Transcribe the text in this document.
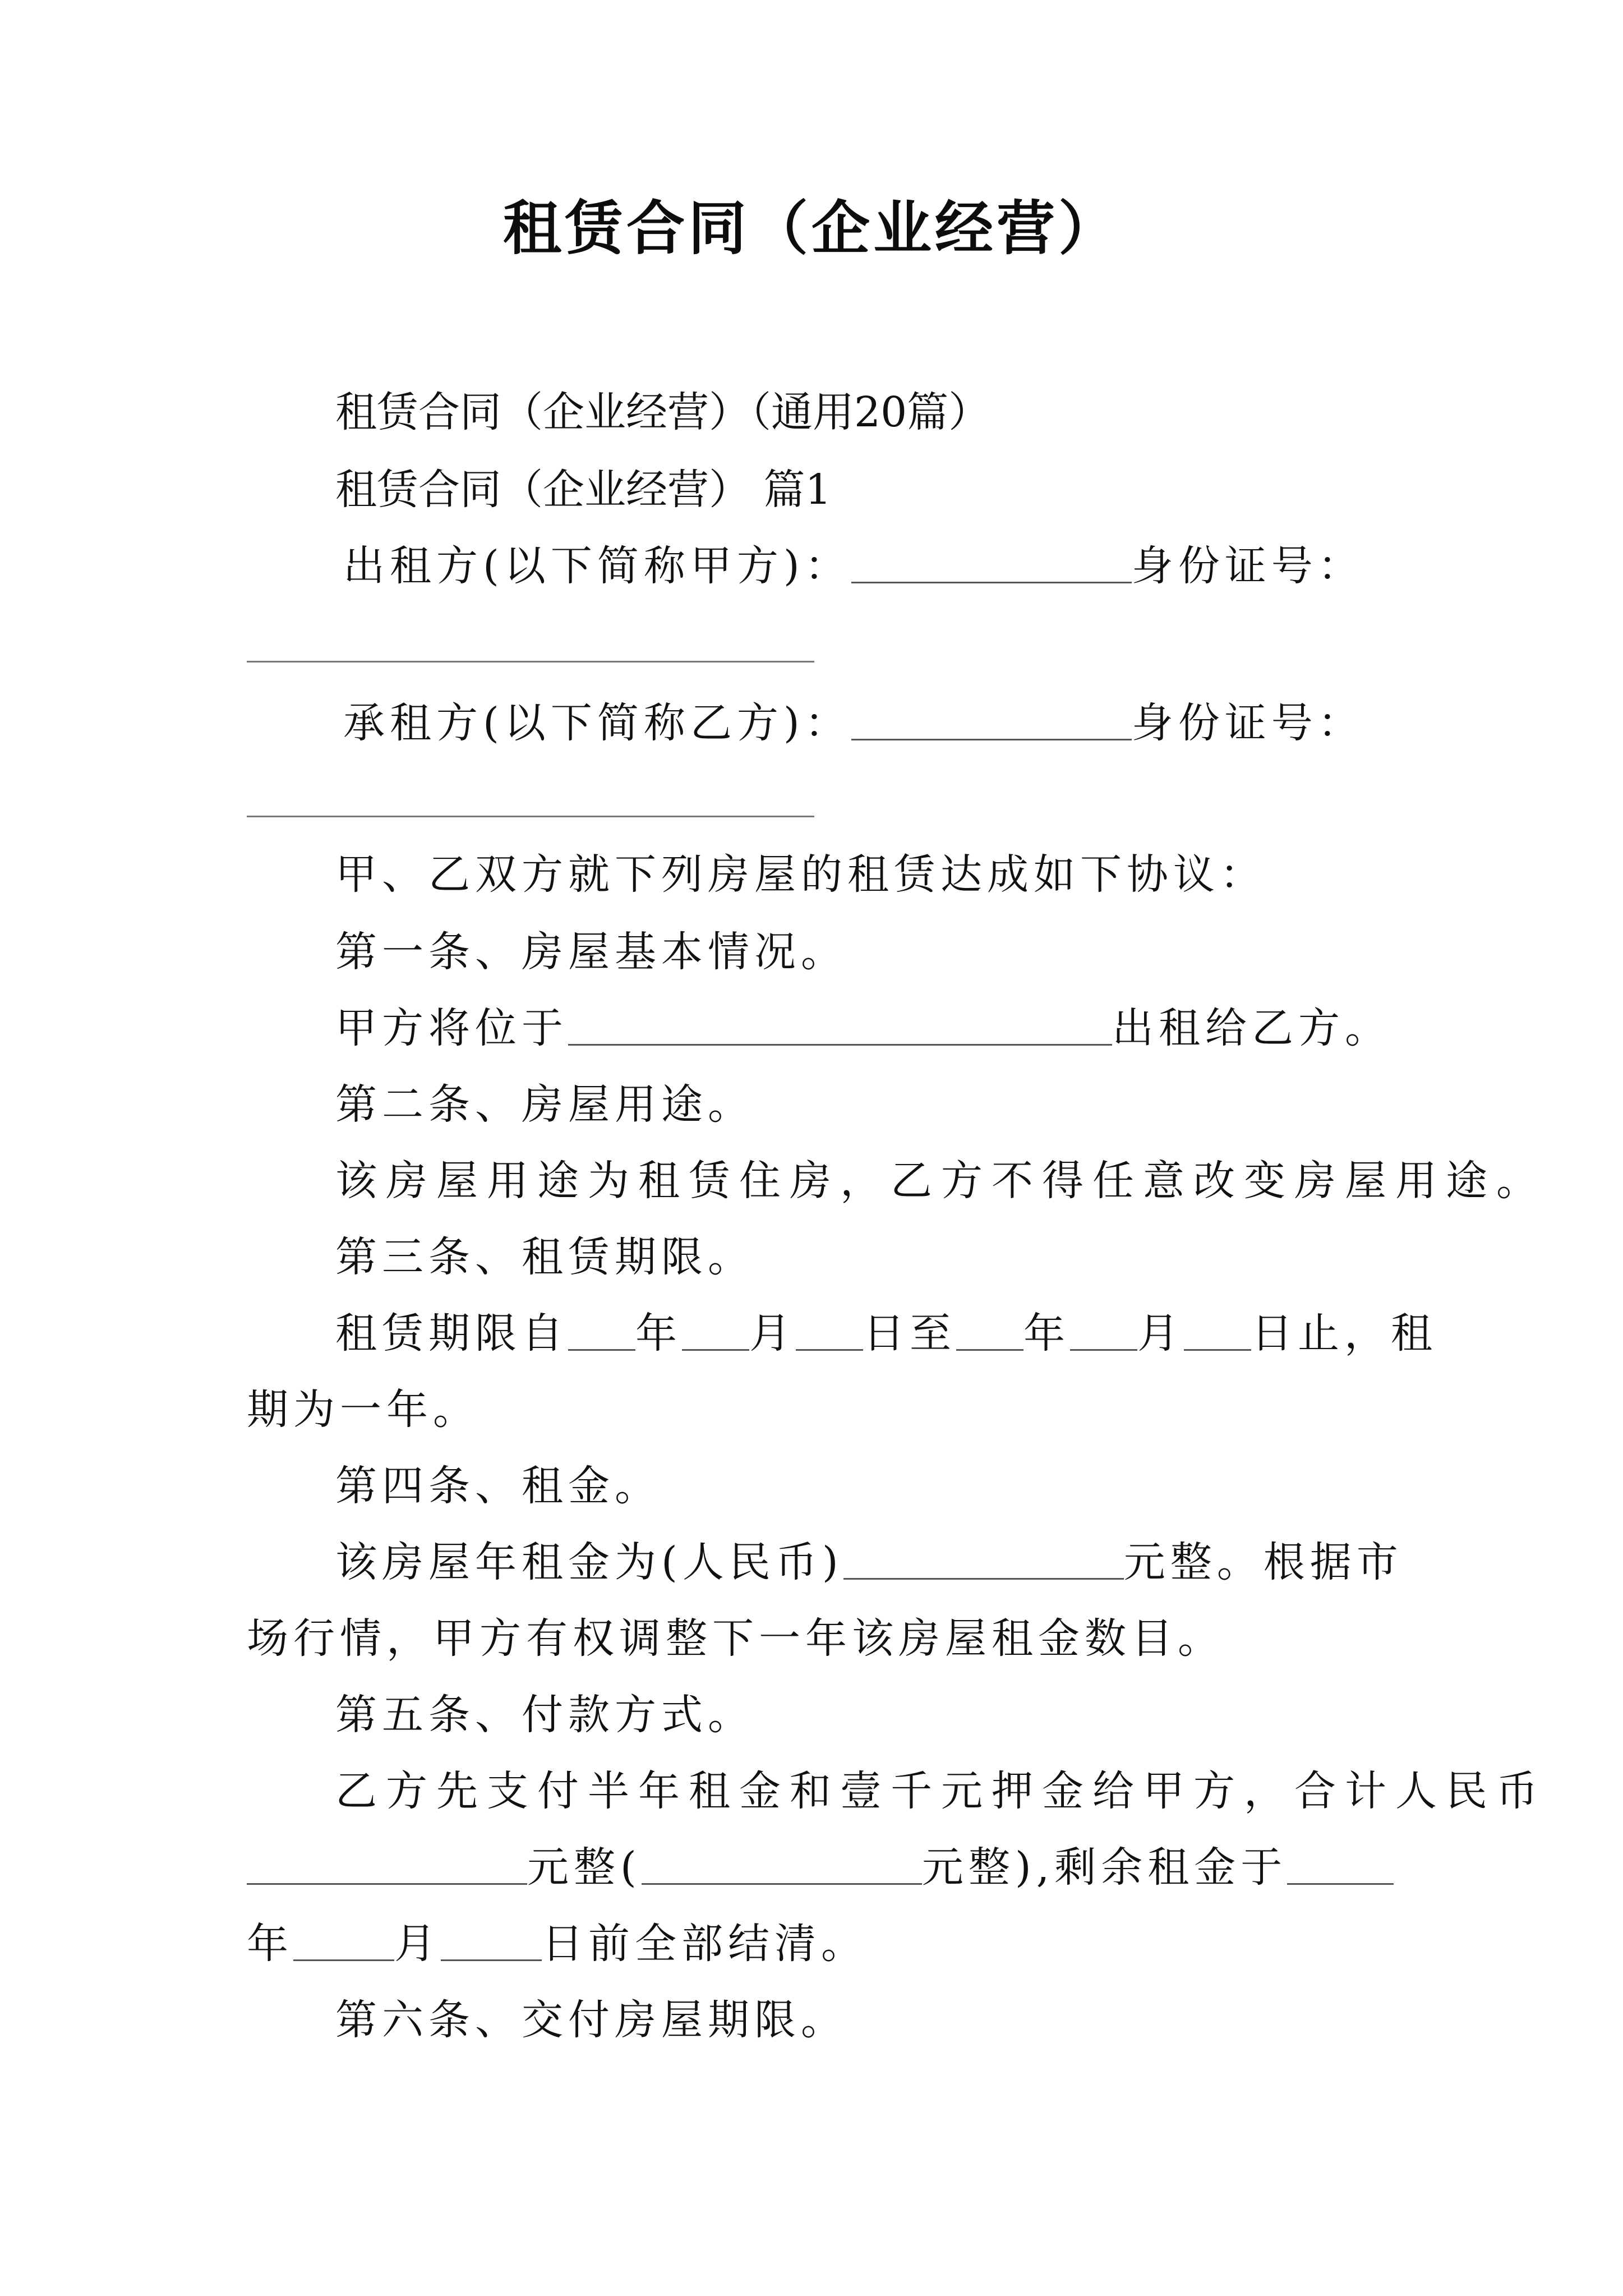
租赁合同（企业经营）
租赁合同（企业经营）（通用20篇）
租赁合同（企业经营） 篇1
出租方(以下简称甲方)：	身份证号：
承租方(以下简称乙方)：	身份证号：
甲、乙双方就下列房屋的租赁达成如下协议：
第一条、房屋基本情况。
甲方将位于	出租给乙方。
第二条、房屋用途。
该房屋用途为租赁住房，乙方不得任意改变房屋用途。
第三条、租赁期限。
租赁期限自 年 月 日至 年 月 日止，租
期为一年。
第四条、租金。
该房屋年租金为(人民币)	元整。根据市
场行情，甲方有权调整下一年该房屋租金数目。
第五条、付款方式。
乙方先支付半年租金和壹千元押金给甲方，合计人民币
元整(	元整),剩余租金于
年 月 日前全部结清。
第六条、交付房屋期限。
